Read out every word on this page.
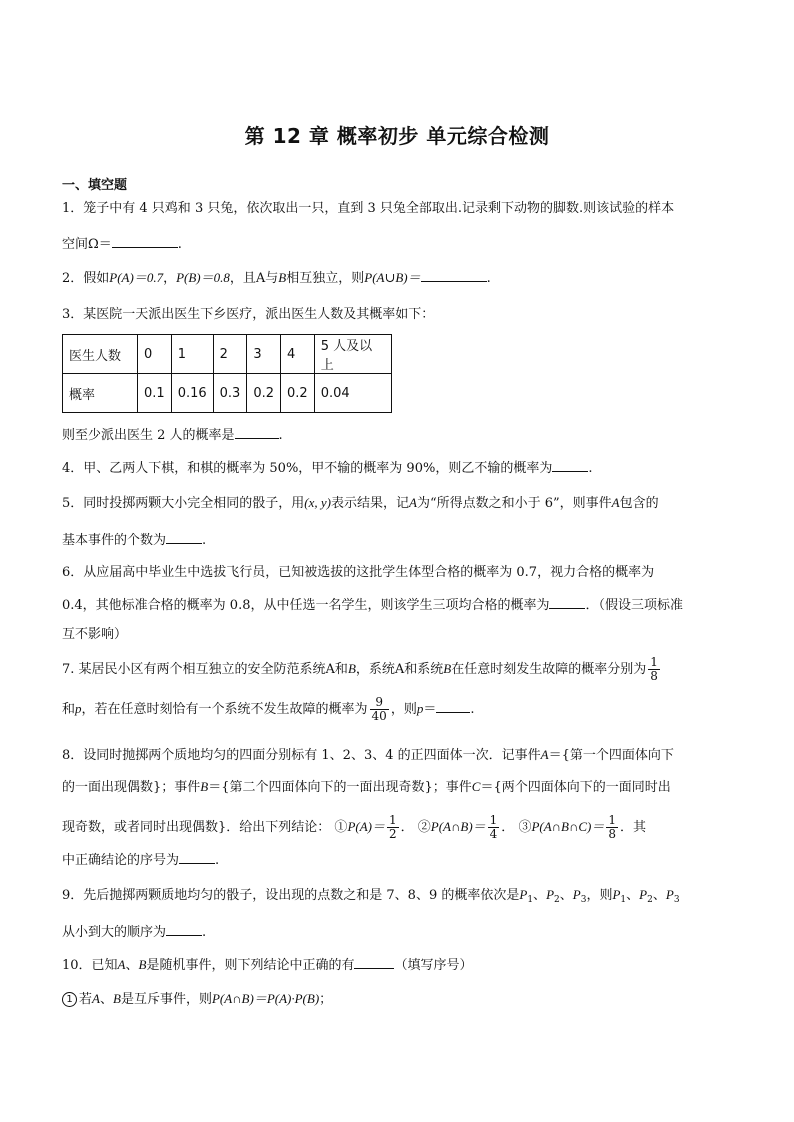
第 12 章 概率初步 单元综合检测
一、填空题
1．笼子中有 4 只鸡和 3 只兔，依次取出一只，直到 3 只兔全部取出.记录剩下动物的脚数.则该试验的样本
空间Ω＝	.
2．假如P(A)＝0.7，P(B)＝0.8，且A与B相互独立，则P(A∪B)＝	.
3．某医院一天派出医生下乡医疗，派出医生人数及其概率如下：
医生人数	0	1	2	3	4	5 人及以上
概率	0.1	0.16	0.3	0.2	0.2	0.04
则至少派出医生 2 人的概率是	.
4．甲、乙两人下棋，和棋的概率为 50%，甲不输的概率为 90%，则乙不输的概率为	.
5．同时投掷两颗大小完全相同的骰子，用(x, y)表示结果，记A为“所得点数之和小于 6”，则事件A包含的
基本事件的个数为	.
6．从应届高中毕业生中选拔飞行员，已知被选拔的这批学生体型合格的概率为 0.7，视力合格的概率为
0.4，其他标准合格的概率为 0.8，从中任选一名学生，则该学生三项均合格的概率为	．（假设三项标准
互不影响）
7. 某居民小区有两个相互独立的安全防范系统A和B，系统A和系统B在任意时刻发生故障的概率分别为 $\frac{1}{8}$
和p，若在任意时刻恰有一个系统不发生故障的概率为 $\frac{9}{40}$ ，则p＝	.
8．设同时抛掷两个质地均匀的四面分别标有 1、2、3、4 的正四面体一次．记事件A＝{第一个四面体向下
的一面出现偶数}；事件B＝{第二个四面体向下的一面出现奇数}；事件C＝{两个四面体向下的一面同时出
现奇数，或者同时出现偶数}．给出下列结论： ①P(A)＝ $\frac{1}{2}$ ． ②P(A∩B)＝ $\frac{1}{4}$ ． ③P(A∩B∩C)＝ $\frac{1}{8}$ ．其
中正确结论的序号为	.
9．先后抛掷两颗质地均匀的骰子，设出现的点数之和是 7、8、9 的概率依次是$P_1$、$P_2$、$P_3$，则$P_1$、$P_2$、$P_3$
从小到大的顺序为	.
10．已知A、B是随机事件，则下列结论中正确的有	（填写序号）
1 若A、B是互斥事件，则P(A∩B)＝P(A)·P(B)；
